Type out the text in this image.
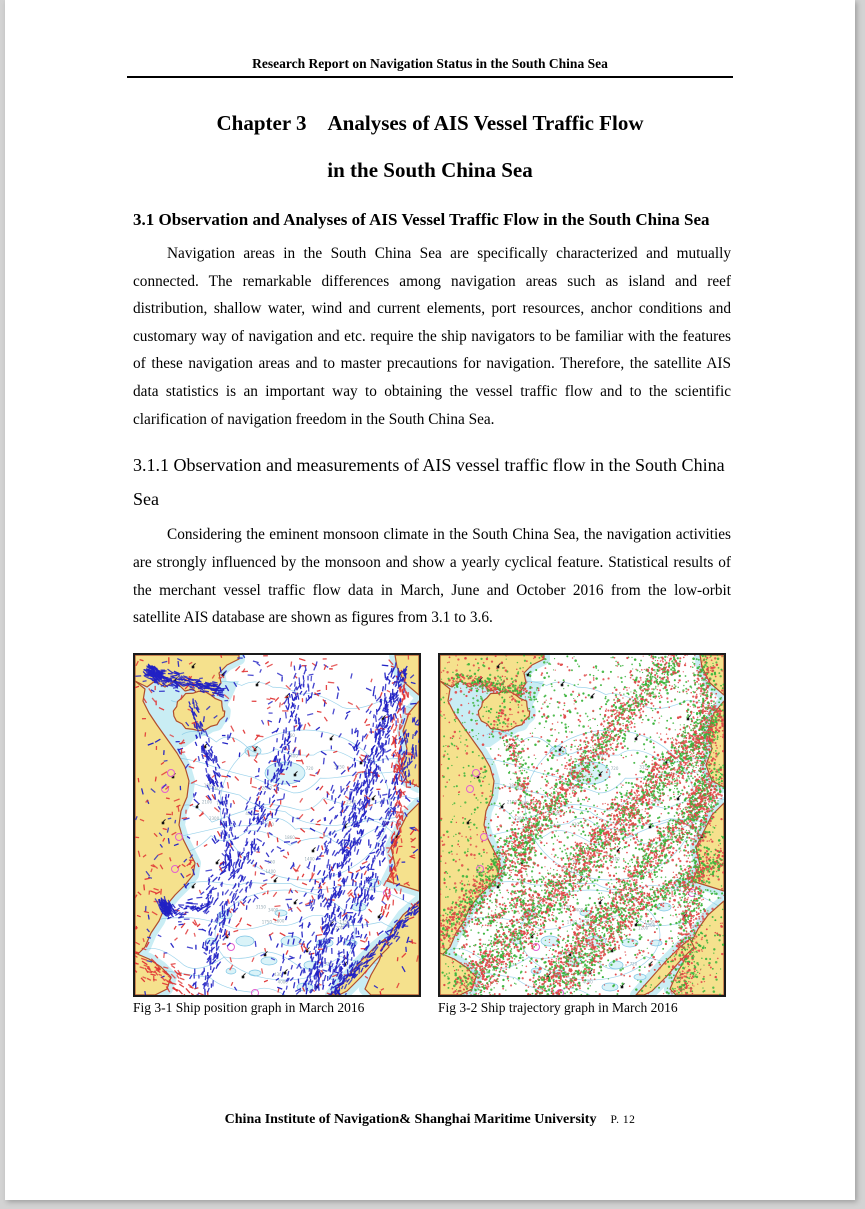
Research Report on Navigation Status in the South China Sea
Chapter 3 Analyses of AIS Vessel Traffic Flow
in the South China Sea
3.1 Observation and Analyses of AIS Vessel Traffic Flow in the South China Sea

Navigation areas in the South China Sea are specifically characterized and mutually connected. The remarkable differences among navigation areas such as island and reef distribution, shallow water, wind and current elements, port resources, anchor conditions and customary way of navigation and etc. require the ship navigators to be familiar with the features of these navigation areas and to master precautions for navigation. Therefore, the satellite AIS data statistics is an important way to obtaining the vessel traffic flow and to the scientific clarification of navigation freedom in the South China Sea.

3.1.1 Observation and measurements of AIS vessel traffic flow in the South China Sea

Considering the eminent monsoon climate in the South China Sea, the navigation activities are strongly influenced by the monsoon and show a yearly cyclical feature. Statistical results of the merchant vessel traffic flow data in March, June and October 2016 from the low-orbit satellite AIS database are shown as figures from 3.1 to 3.6.

Fig 3-1 Ship position graph in March 2016	Fig 3-2 Ship trajectory graph in March 2016
China Institute of Navigation& Shanghai Maritime University P. 12
